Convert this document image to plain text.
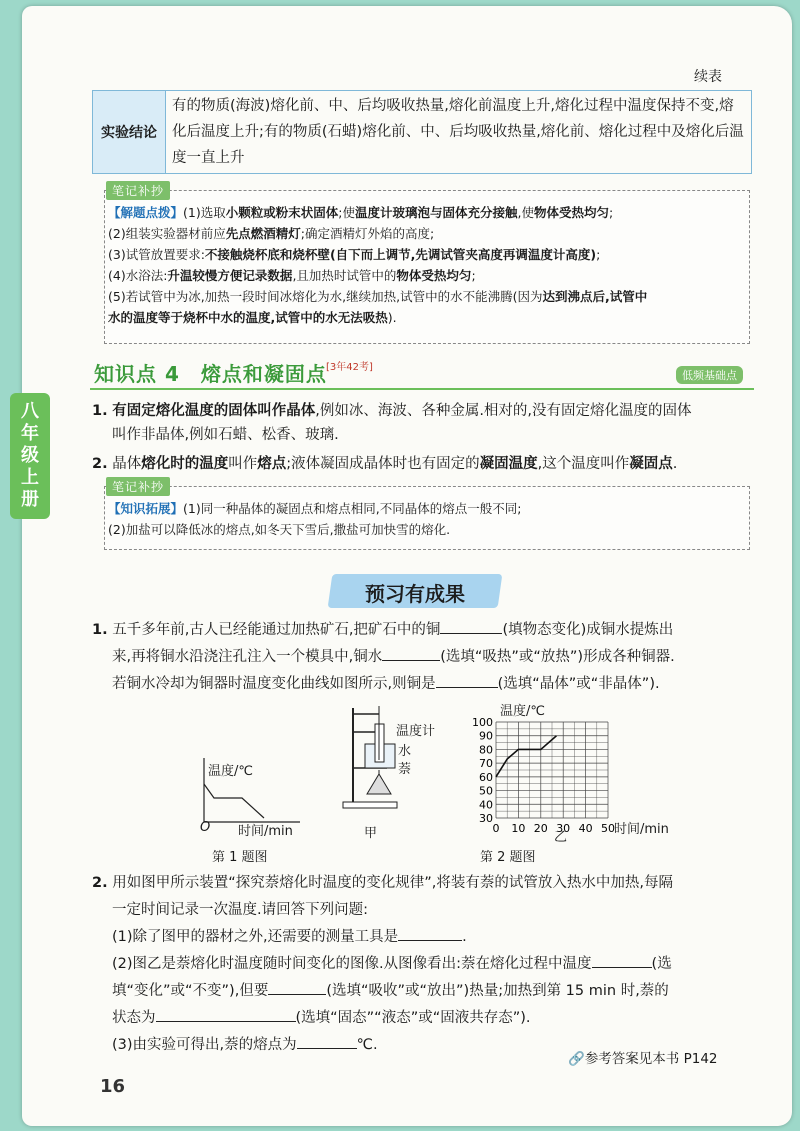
续表
实验结论	有的物质(海波)熔化前、中、后均吸收热量,熔化前温度上升,熔化过程中温度保持不变,熔化后温度上升;有的物质(石蜡)熔化前、中、后均吸收热量,熔化前、熔化过程中及熔化后温度一直上升
笔记补抄
【解题点拨】(1)选取小颗粒或粉末状固体;使温度计玻璃泡与固体充分接触,使物体受热均匀;
(2)组装实验器材前应先点燃酒精灯;确定酒精灯外焰的高度;
(3)试管放置要求:不接触烧杯底和烧杯壁(自下而上调节,先调试管夹高度再调温度计高度);
(4)水浴法:升温较慢方便记录数据,且加热时试管中的物体受热均匀;
(5)若试管中为冰,加热一段时间冰熔化为水,继续加热,试管中的水不能沸腾(因为达到沸点后,试管中
水的温度等于烧杯中水的温度,试管中的水无法吸热).
知识点 4　熔点和凝固点 [3年42考]
低频基础点
八
年
级
上
册
1. 有固定熔化温度的固体叫作晶体,例如冰、海波、各种金属.相对的,没有固定熔化温度的固体
叫作非晶体,例如石蜡、松香、玻璃.
2. 晶体熔化时的温度叫作熔点;液体凝固成晶体时也有固定的凝固温度,这个温度叫作凝固点.
笔记补抄
【知识拓展】(1)同一种晶体的凝固点和熔点相同,不同晶体的熔点一般不同;
(2)加盐可以降低冰的熔点,如冬天下雪后,撒盐可加快雪的熔化.
预习有成果
1. 五千多年前,古人已经能通过加热矿石,把矿石中的铜	(填物态变化)成铜水提炼出
来,再将铜水沿浇注孔注入一个模具中,铜水	(选填“吸热”或“放热”)形成各种铜器.
若铜水冷却为铜器时温度变化曲线如图所示,则铜是	(选填“晶体”或“非晶体”).
温度/℃
O 时间/min
第 1 题图
温度计
水
萘
甲
温度/℃
100
90
80
70
60
50
40
30
0 10 20 30 40 50 时间/min
乙
第 2 题图
2. 用如图甲所示装置“探究萘熔化时温度的变化规律”,将装有萘的试管放入热水中加热,每隔
一定时间记录一次温度.请回答下列问题:
(1)除了图甲的器材之外,还需要的测量工具是	.
(2)图乙是萘熔化时温度随时间变化的图像.从图像看出:萘在熔化过程中温度	(选
填“变化”或“不变”),但要	(选填“吸收”或“放出”)热量;加热到第 15 min 时,萘的
状态为	(选填“固态”“液态”或“固液共存态”).
(3)由实验可得出,萘的熔点为	℃.
🔗参考答案见本书 P142
16
